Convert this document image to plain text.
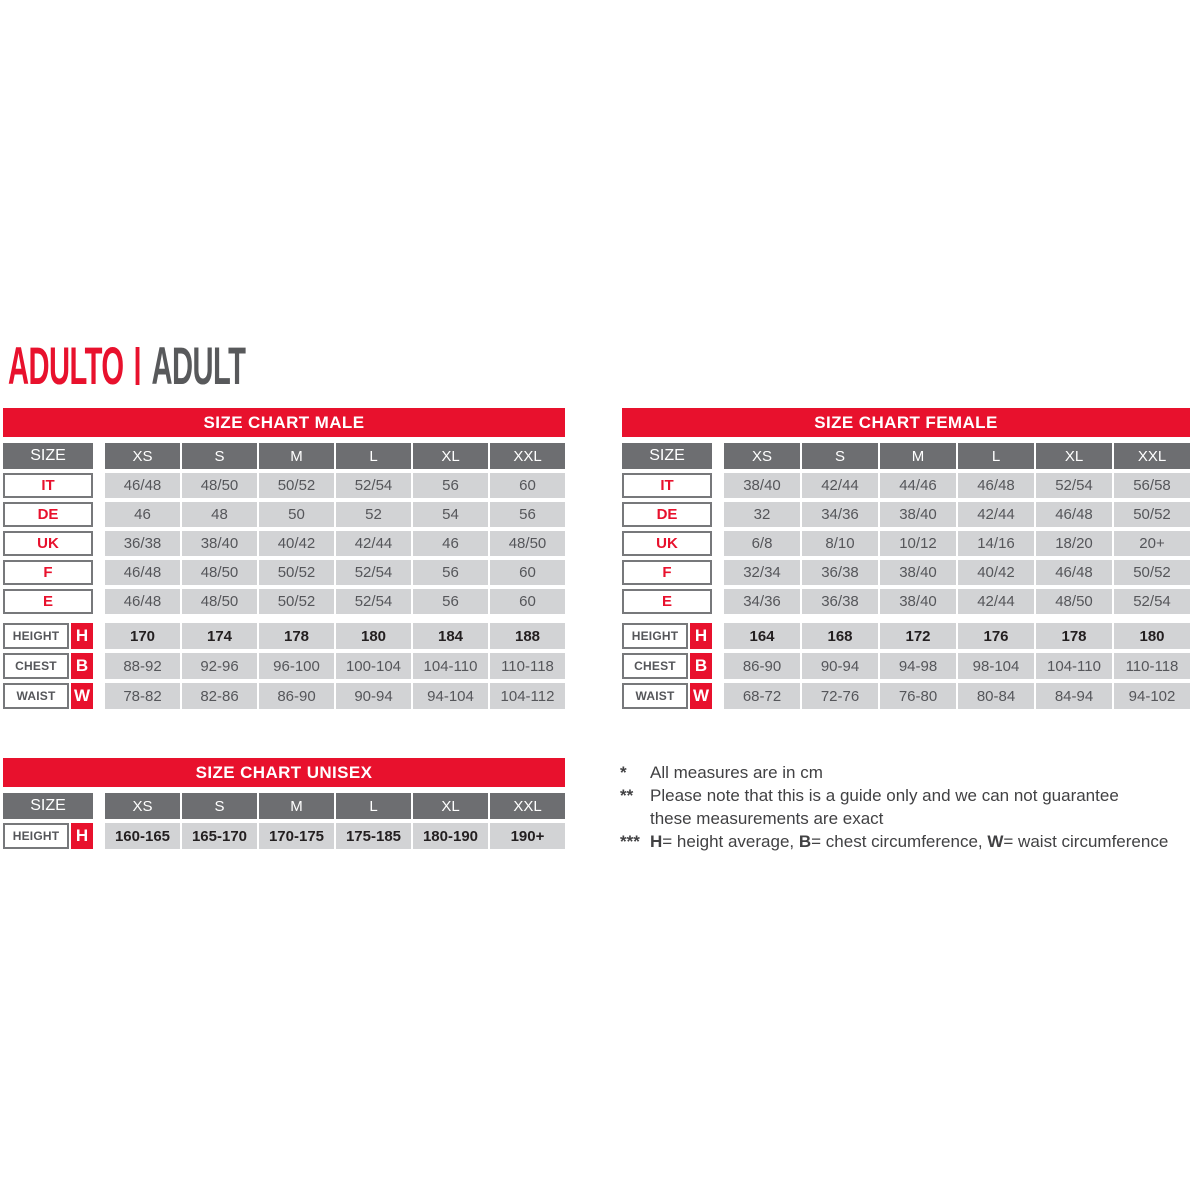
ADULTO ADULT
SIZE CHART MALE
SIZE	XS	S	M	L	XL	XXL
IT	46/48	48/50	50/52	52/54	56	60
DE	46	48	50	52	54	56
UK	36/38	38/40	40/42	42/44	46	48/50
F	46/48	48/50	50/52	52/54	56	60
E	46/48	48/50	50/52	52/54	56	60
HEIGHT H	170	174	178	180	184	188
CHEST	B	88-92	92-96	96-100	100-104	104-110	110-118
WAIST	W	78-82	82-86	86-90	90-94	94-104	104-112
SIZE CHART FEMALE
SIZE	XS	S	M	L	XL	XXL
IT	38/40	42/44	44/46	46/48	52/54	56/58
DE	32	34/36	38/40	42/44	46/48	50/52
UK	6/8	8/10	10/12	14/16	18/20	20+
F	32/34	36/38	38/40	40/42	46/48	50/52
E	34/36	36/38	38/40	42/44	48/50	52/54
HEIGHT H	164	168	172	176	178	180
CHEST	B	86-90	90-94	94-98	98-104	104-110	110-118
WAIST	W	68-72	72-76	76-80	80-84	84-94	94-102
SIZE CHART UNISEX
SIZE	XS	S	M	L	XL	XXL
HEIGHT H	160-165	165-170	170-175	175-185	180-190	190+
*	All measures are in cm
** Please note that this is a guide only and we can not guarantee
these measurements are exact
*** H= height average, B= chest circumference, W= waist circumference
